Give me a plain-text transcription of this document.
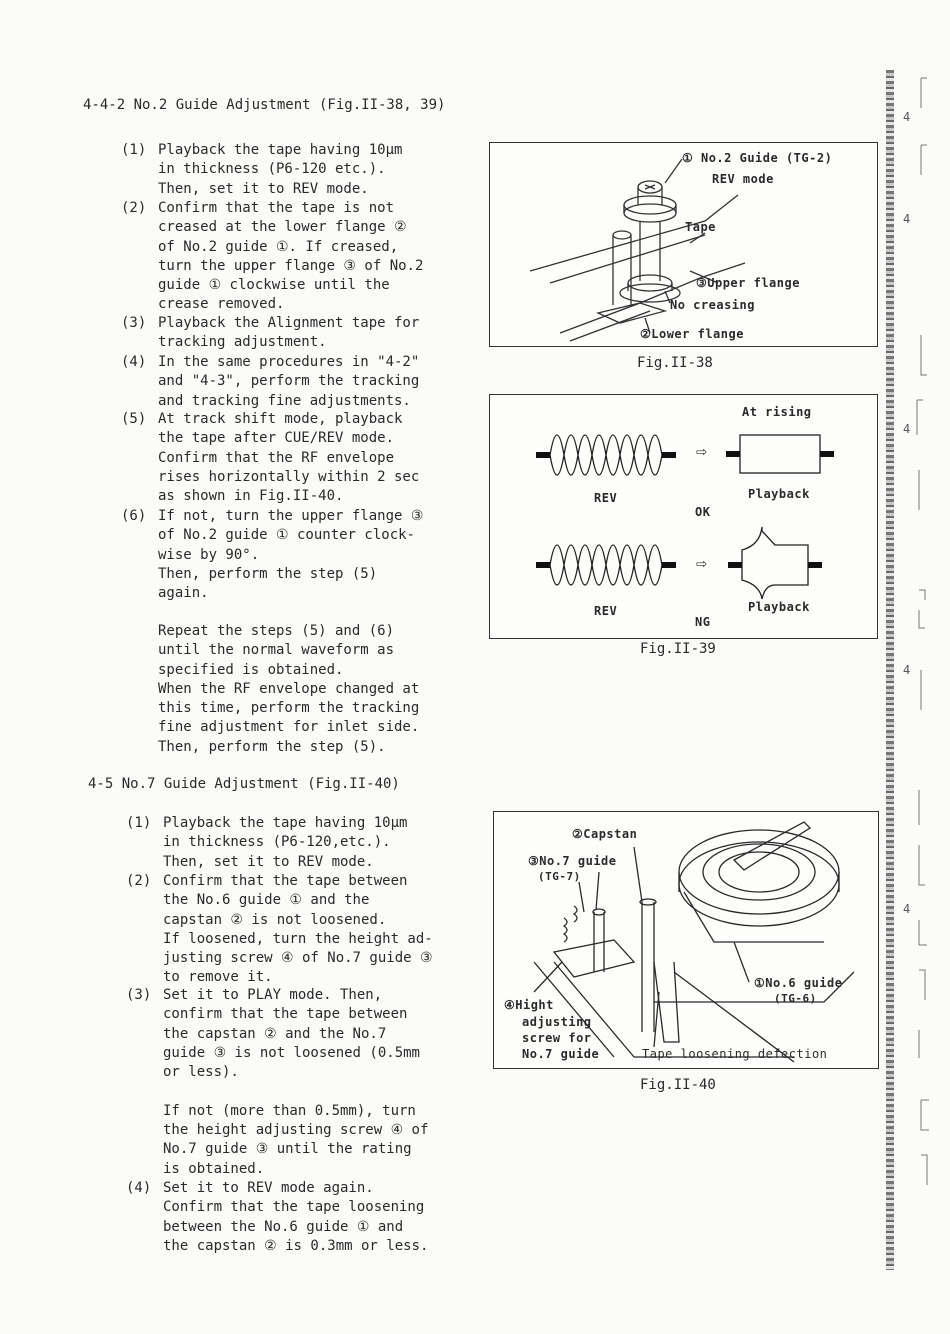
4
4
4
4
4
4-4-2 No.2 Guide Adjustment (Fig.II-38, 39)
(1) Playback the tape having 10µm
in thickness (P6-120 etc.).
Then, set it to REV mode.
(2) Confirm that the tape is not
creased at the lower flange ②
of No.2 guide ①. If creased,
turn the upper flange ③ of No.2
guide ① clockwise until the
crease removed.
(3) Playback the Alignment tape for
tracking adjustment.
(4) In the same procedures in "4-2"
and "4-3", perform the tracking
and tracking fine adjustments.
(5) At track shift mode, playback
the tape after CUE/REV mode.
Confirm that the RF envelope
rises horizontally within 2 sec
as shown in Fig.II-40.
(6) If not, turn the upper flange ③
of No.2 guide ① counter clock-
wise by 90°.
Then, perform the step (5)
again.
Repeat the steps (5) and (6)
until the normal waveform as
specified is obtained.
When the RF envelope changed at
this time, perform the tracking
fine adjustment for inlet side.
Then, perform the step (5).
4-5 No.7 Guide Adjustment (Fig.II-40)
(1) Playback the tape having 10µm
in thickness (P6-120,etc.).
Then, set it to REV mode.
(2) Confirm that the tape between
the No.6 guide ① and the
capstan ② is not loosened.
If loosened, turn the height ad-
justing screw ④ of No.7 guide ③
to remove it.
(3) Set it to PLAY mode. Then,
confirm that the tape between
the capstan ② and the No.7
guide ③ is not loosened (0.5mm
or less).

If not (more than 0.5mm), turn
the height adjusting screw ④ of
No.7 guide ③ until the rating
is obtained.
(4) Set it to REV mode again.
Confirm that the tape loosening
between the No.6 guide ① and
the capstan ② is 0.3mm or less.
① No.2 Guide (TG-2)
REV mode
Tape
③Upper flange
No creasing
②Lower flange
Fig.II-38
At rising
⇨
REV
OK
Playback
⇨
REV	Playback
NG
Fig.II-39
②Capstan
③No.7 guide
(TG-7)
①No.6 guide
(TG-6)
④Hight
adjusting
screw for
No.7 guide	Tape loosening defection
Fig.II-40
